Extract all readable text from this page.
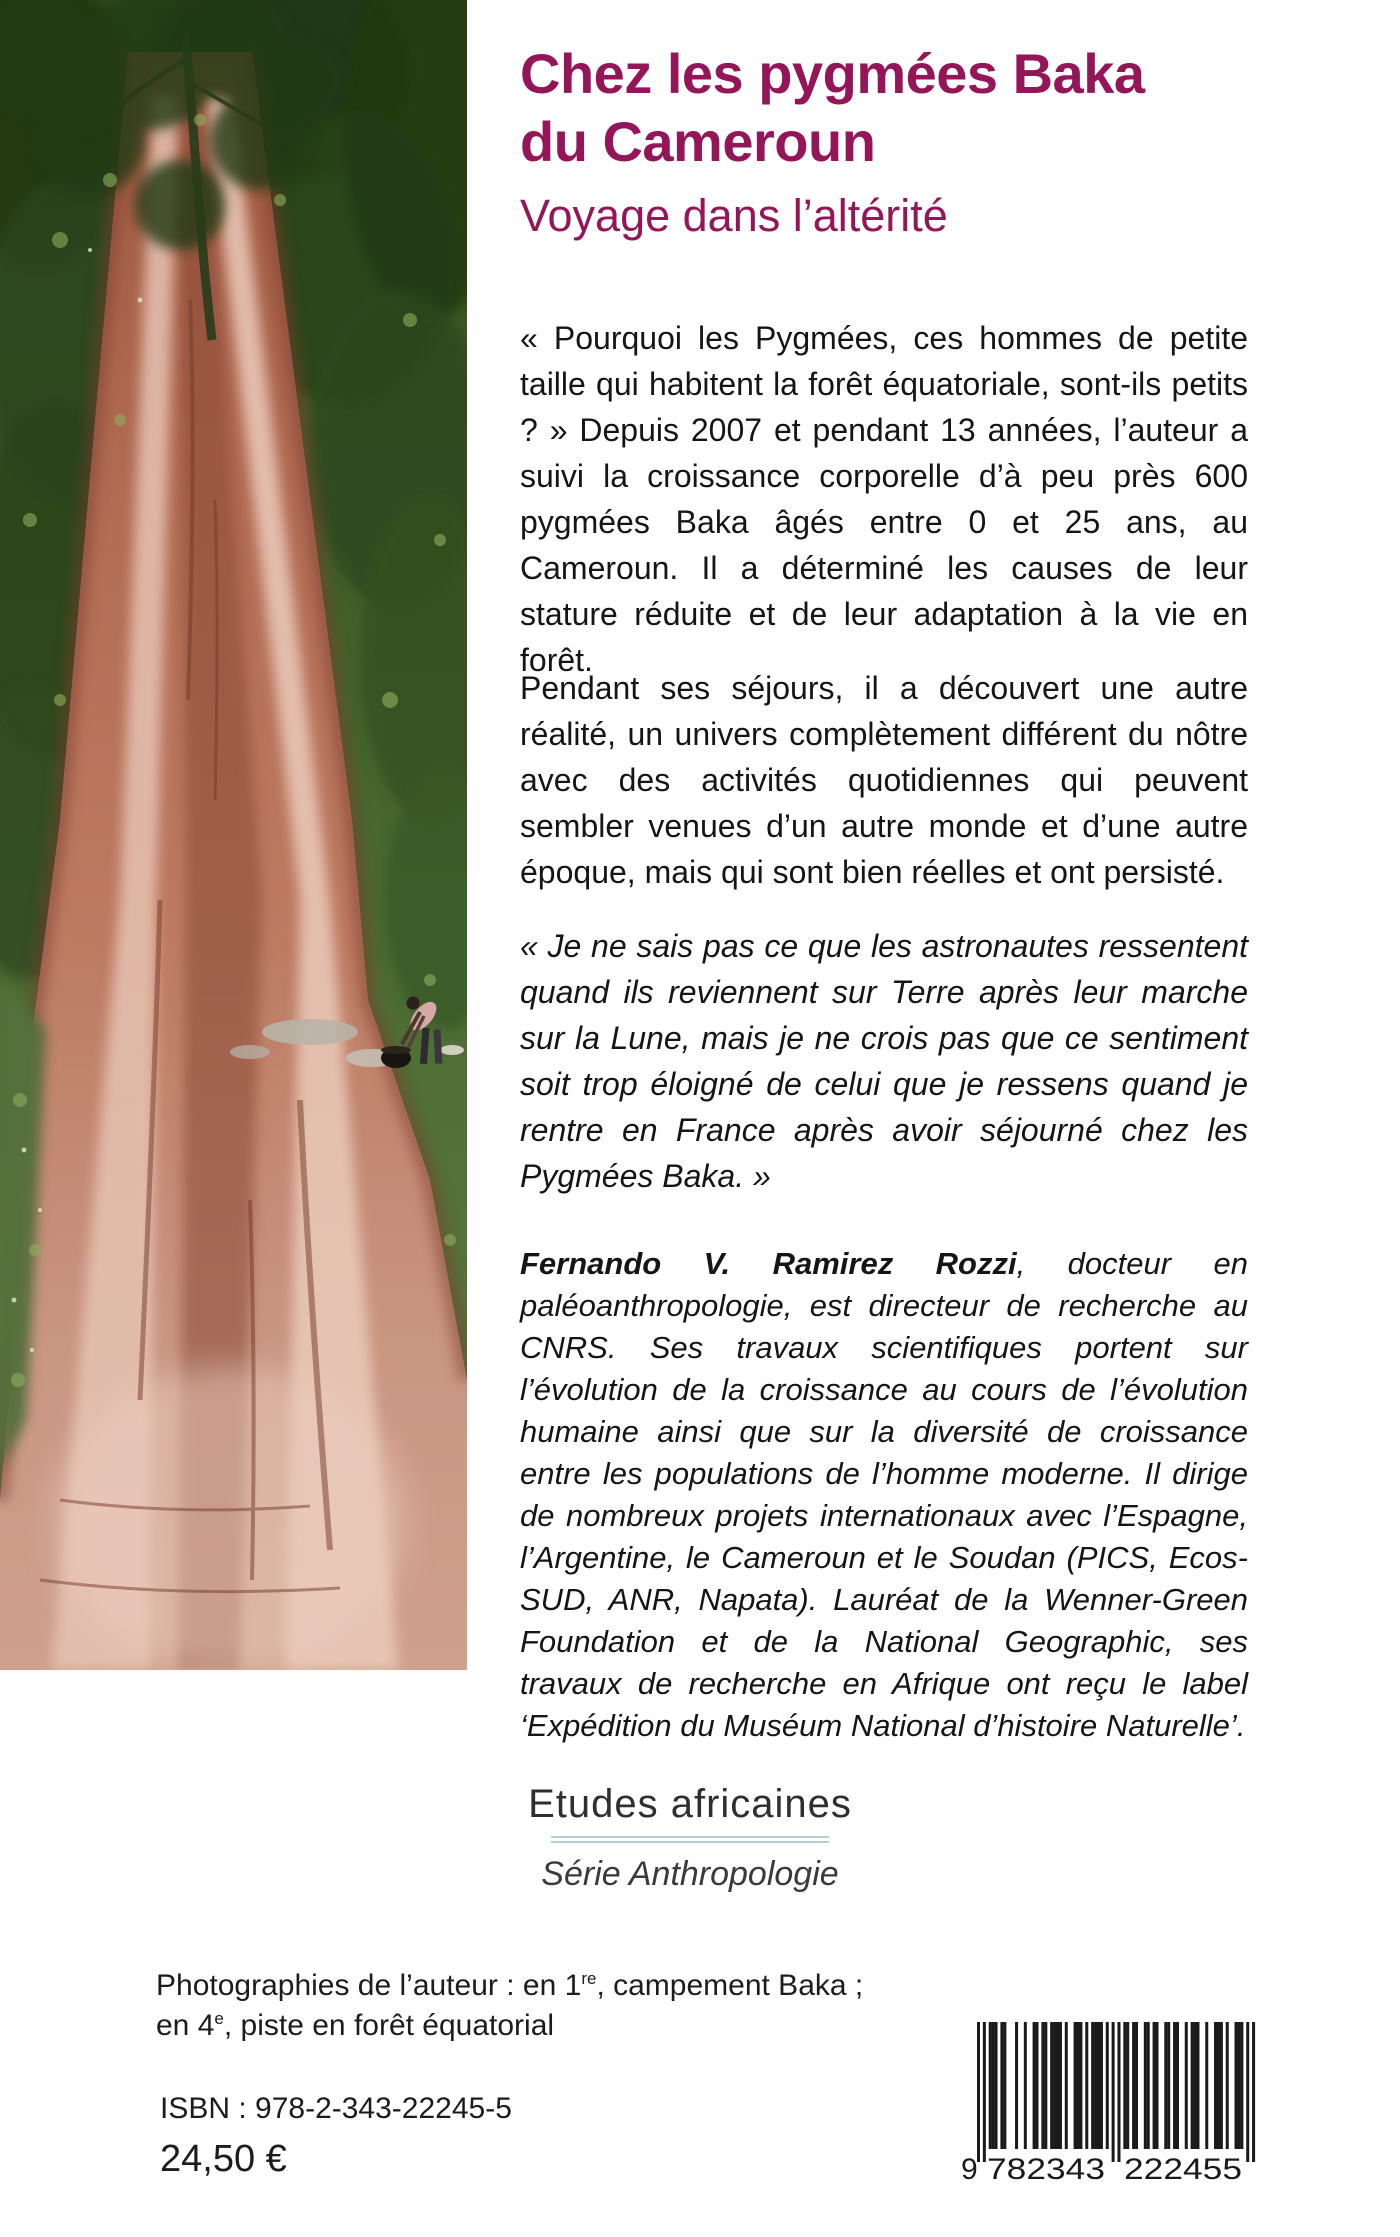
Chez les pygmées Baka
du Cameroun
Voyage dans l’altérité

« Pourquoi les Pygmées, ces hommes de petite taille qui habitent la forêt équatoriale, sont-ils petits ? » Depuis 2007 et pendant 13 années, l’auteur a suivi la croissance corporelle d’à peu près 600 pygmées Baka âgés entre 0 et 25 ans, au Cameroun. Il a déterminé les causes de leur stature réduite et de leur adaptation à la vie en forêt.

Pendant ses séjours, il a découvert une autre réalité, un univers complètement différent du nôtre avec des activités quotidiennes qui peuvent sembler venues d’un autre monde et d’une autre époque, mais qui sont bien réelles et ont persisté.

« Je ne sais pas ce que les astronautes ressentent quand ils reviennent sur Terre après leur marche sur la Lune, mais je ne crois pas que ce sentiment soit trop éloigné de celui que je ressens quand je rentre en France après avoir séjourné chez les Pygmées Baka. »

Fernando V. Ramirez Rozzi, docteur en paléoanthropologie, est directeur de recherche au CNRS. Ses travaux scientifiques portent sur l’évolution de la croissance au cours de l’évolution humaine ainsi que sur la diversité de croissance entre les populations de l’homme moderne. Il dirige de nombreux projets internationaux avec l’Espagne, l’Argentine, le Cameroun et le Soudan (PICS, Ecos-SUD, ANR, Napata). Lauréat de la Wenner-Green Foundation et de la National Geographic, ses travaux de recherche en Afrique ont reçu le label ‘Expédition du Muséum National d’histoire Naturelle’.

Etudes africaines
Série Anthropologie
Photographies de l’auteur : en 1re, campement Baka ;
en 4e, piste en forêt équatorial
ISBN : 978-2-343-22245-5
24,50 €	9 782343 222455
